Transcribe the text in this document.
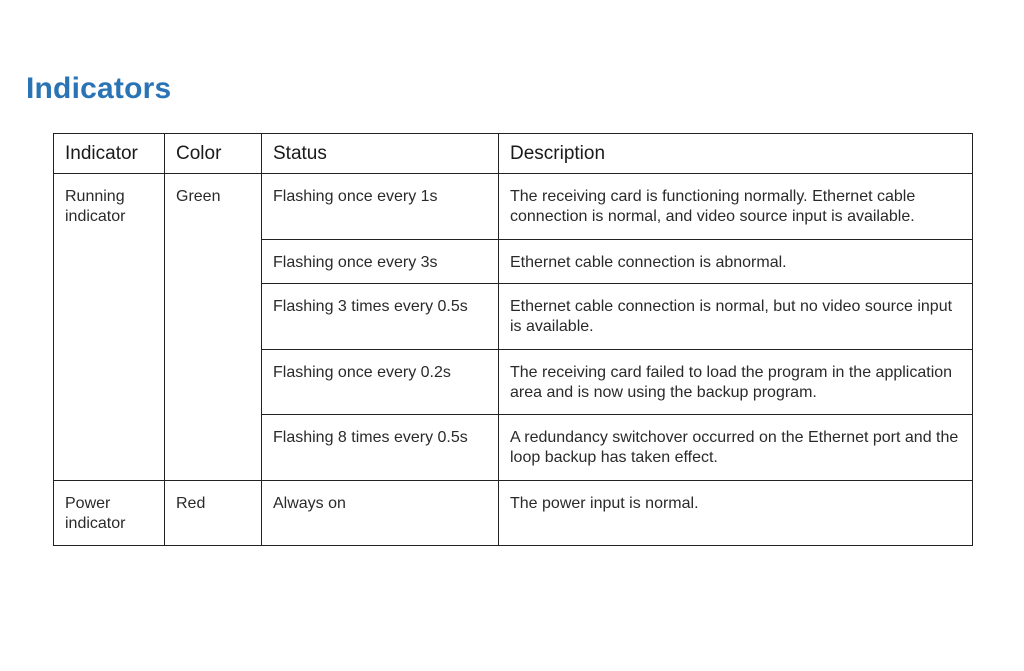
Indicators
Indicator	Color	Status	Description
Running indicator	Green	Flashing once every 1s	The receiving card is functioning normally. Ethernet cable connection is normal, and video source input is available.
		Flashing once every 3s	Ethernet cable connection is abnormal.
		Flashing 3 times every 0.5s	Ethernet cable connection is normal, but no video source input is available.
		Flashing once every 0.2s	The receiving card failed to load the program in the application area and is now using the backup program.
		Flashing 8 times every 0.5s	A redundancy switchover occurred on the Ethernet port and the loop backup has taken effect.
Power indicator	Red	Always on	The power input is normal.
